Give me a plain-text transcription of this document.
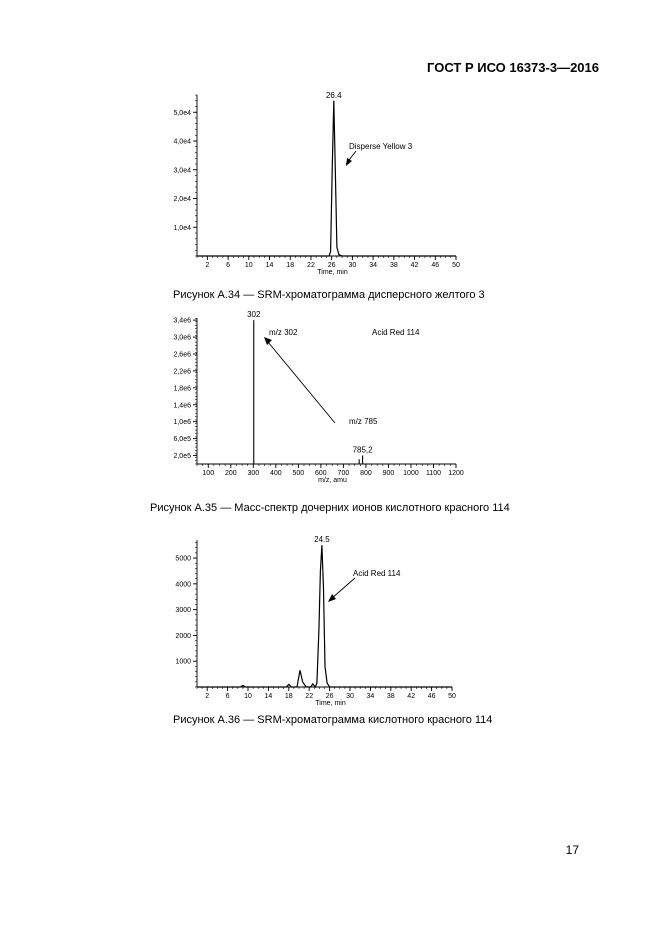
ГОСТ Р ИСО 16373-3—2016
1,0e4
2,0e4
3,0e4
4,0e4
5,0e4
2 6 10 14 18 22 26 30 34 38 42 46 50
26.4
Disperse Yellow 3
Time, min
2,0e5
6,0e5
1,0e6
1,4e6
1,8e6
2,2e6
2,6e6
3,0e6
3,4e6
100 200 300 400 500 600 700 800 900 1000 1100 1200
302
785,2
m/z 302	Acid Red 114
m/z 785
m/z, amu
1000
2000
3000
4000
5000
2 6 10 14 18 22 26 30 34 38 42 46 50
24.5
Acid Red 114
Time, min
Рисунок А.34 — SRM-хроматограмма дисперсного желтого 3
Рисунок А.35 — Масс-спектр дочерних ионов кислотного красного 114
Рисунок А.36 — SRM-хроматограмма кислотного красного 114
17
